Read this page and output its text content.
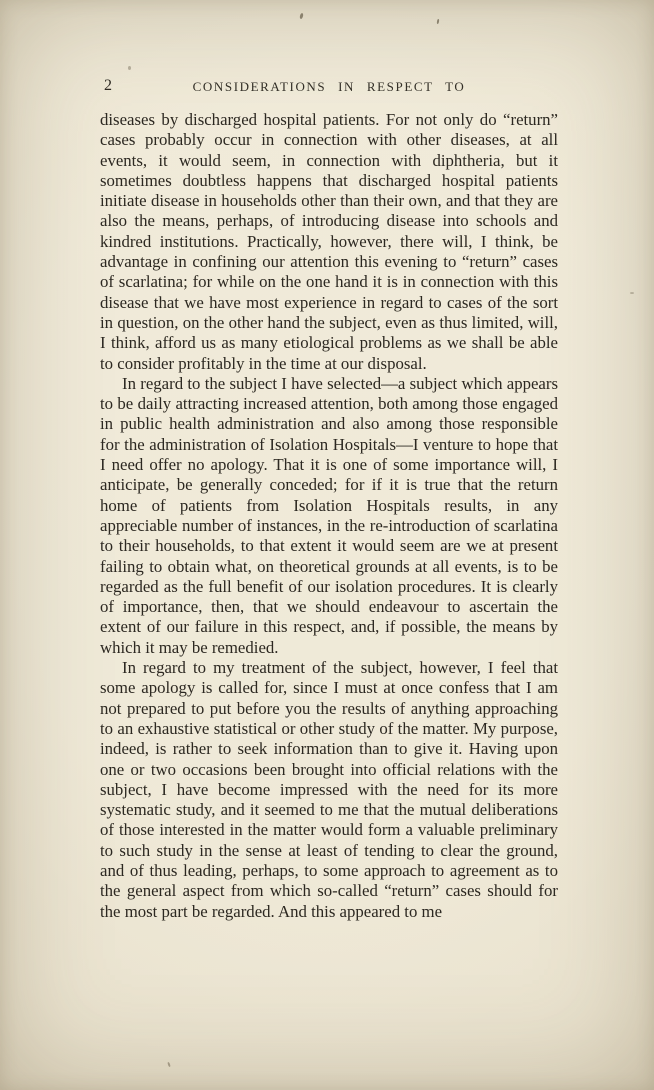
2	CONSIDERATIONS IN RESPECT TO

diseases by discharged hospital patients. For not only do “return” cases probably occur in connection with other diseases, at all events, it would seem, in connection with diphtheria, but it sometimes doubtless happens that discharged hospital patients initiate disease in households other than their own, and that they are also the means, perhaps, of introducing disease into schools and kindred institutions. Practically, however, there will, I think, be advantage in confining our attention this evening to “return” cases of scarlatina; for while on the one hand it is in connection with this disease that we have most experience in regard to cases of the sort in question, on the other hand the subject, even as thus limited, will, I think, afford us as many etiological problems as we shall be able to consider profitably in the time at our disposal.

In regard to the subject I have selected—a subject which appears to be daily attracting increased attention, both among those engaged in public health administration and also among those responsible for the administration of Isolation Hospitals—I venture to hope that I need offer no apology. That it is one of some importance will, I anticipate, be generally conceded; for if it is true that the return home of patients from Isolation Hospitals results, in any appreciable number of instances, in the re-introduction of scarlatina to their households, to that extent it would seem are we at present failing to obtain what, on theoretical grounds at all events, is to be regarded as the full benefit of our isolation procedures. It is clearly of importance, then, that we should endeavour to ascertain the extent of our failure in this respect, and, if possible, the means by which it may be remedied.

In regard to my treatment of the subject, however, I feel that some apology is called for, since I must at once confess that I am not prepared to put before you the results of anything approaching to an exhaustive statistical or other study of the matter. My purpose, indeed, is rather to seek information than to give it. Having upon one or two occasions been brought into official relations with the subject, I have become impressed with the need for its more systematic study, and it seemed to me that the mutual deliberations of those interested in the matter would form a valuable preliminary to such study in the sense at least of tending to clear the ground, and of thus leading, perhaps, to some approach to agreement as to the general aspect from which so-called “return” cases should for the most part be regarded. And this appeared to me
